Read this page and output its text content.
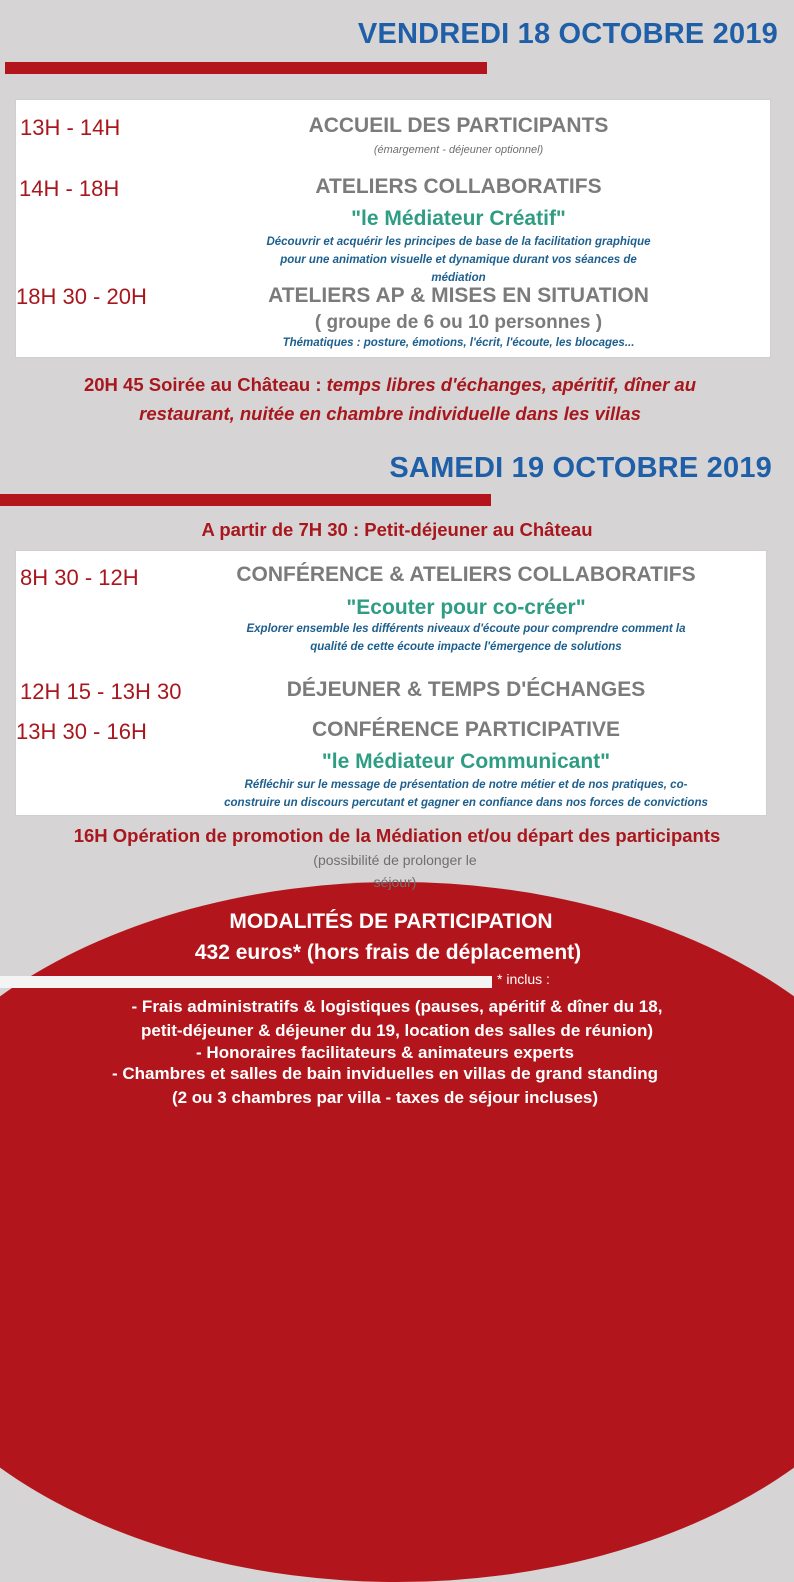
VENDREDI 18 OCTOBRE 2019
13H - 14H	ACCUEIL DES PARTICIPANTS
(émargement - déjeuner optionnel)
14H - 18H	ATELIERS COLLABORATIFS
"le Médiateur Créatif"
Découvrir et acquérir les principes de base de la facilitation graphique
pour une animation visuelle et dynamique durant vos séances de
médiation
18H 30 - 20H	ATELIERS AP & MISES EN SITUATION
( groupe de 6 ou 10 personnes )
Thématiques : posture, émotions, l'écrit, l'écoute, les blocages...
20H 45 Soirée au Château : temps libres d'échanges, apéritif, dîner au
restaurant, nuitée en chambre individuelle dans les villas
SAMEDI 19 OCTOBRE 2019
A partir de 7H 30 : Petit-déjeuner au Château
8H 30 - 12H	CONFÉRENCE & ATELIERS COLLABORATIFS
"Ecouter pour co-créer"
Explorer ensemble les différents niveaux d'écoute pour comprendre comment la
qualité de cette écoute impacte l'émergence de solutions
12H 15 - 13H 30	DÉJEUNER & TEMPS D'ÉCHANGES
13H 30 - 16H	CONFÉRENCE PARTICIPATIVE
"le Médiateur Communicant"
Réfléchir sur le message de présentation de notre métier et de nos pratiques, co-
construire un discours percutant et gagner en confiance dans nos forces de convictions
16H Opération de promotion de la Médiation et/ou départ des participants
(possibilité de prolonger le
séjour)
MODALITÉS DE PARTICIPATION
432 euros* (hors frais de déplacement)
* inclus :
- Frais administratifs & logistiques (pauses, apéritif & dîner du 18,
petit-déjeuner & déjeuner du 19, location des salles de réunion)
- Honoraires facilitateurs & animateurs experts
- Chambres et salles de bain inviduelles en villas de grand standing
(2 ou 3 chambres par villa - taxes de séjour incluses)
